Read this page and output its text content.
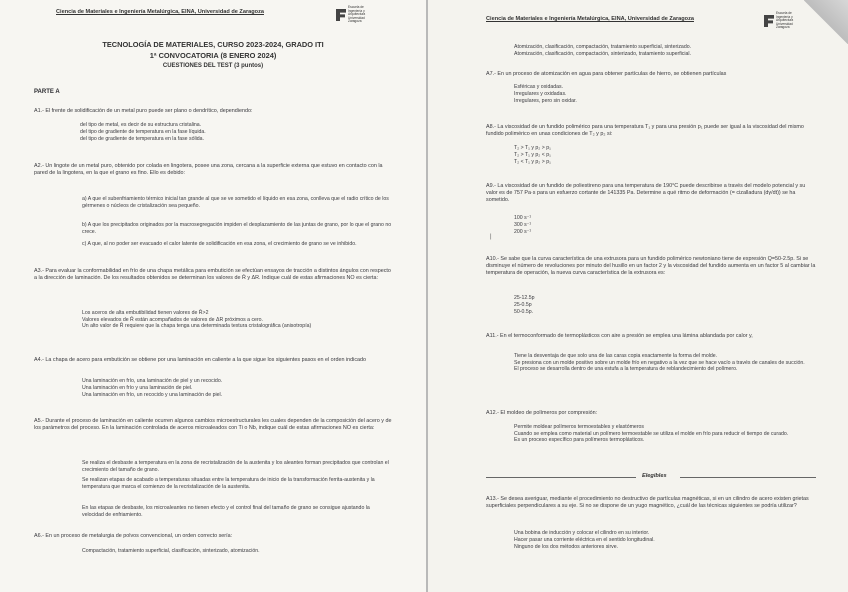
Ciencia de Materiales e Ingeniería Metalúrgica, EINA, Universidad de Zaragoza
Escuela de Ingeniería y Arquitectura Universidad Zaragoza
TECNOLOGÍA DE MATERIALES, CURSO 2023-2024, GRADO ITI
1ª CONVOCATORIA (8 ENERO 2024)
CUESTIONES DEL TEST (3 puntos)
PARTE A
A1.- El frente de solidificación de un metal puro puede ser plano o dendrítico, dependiendo:
del tipo de metal, es decir de su estructura cristalina.
del tipo de gradiente de temperatura en la fase líquida.
del tipo de gradiente de temperatura en la fase sólida.
A2.- Un lingote de un metal puro, obtenido por colada en lingotera, posee una zona, cercana a la superficie externa que estuvo en contacto con la pared de la lingotera, en la que el grano es fino. Ello es debido:
a) A que el subenfriamiento térmico inicial tan grande al que se ve sometido el líquido en esa zona, conlleva que el radio crítico de los gérmenes o núcleos de cristalización sea pequeño.
b) A que los precipitados originados por la macrosegregación impiden el desplazamiento de las juntas de grano, por lo que el grano no crece.
c) A que, al no poder ser evacuado el calor latente de solidificación en esa zona, el crecimiento de grano se ve inhibido.
A3.- Para evaluar la conformabilidad en frío de una chapa metálica para embutición se efectúan ensayos de tracción a distintos ángulos con respecto a la dirección de laminación. De los resultados obtenidos se determinan los valores de R̄ y ΔR. Indique cuál de estas afirmaciones NO es cierta:
Los aceros de alta embutibilidad tienen valores de R̄>2
Valores elevados de R̄ están acompañados de valores de ΔR próximos a cero.
Un alto valor de R̄ requiere que la chapa tenga una determinada textura cristalográfica (anisotropía)
A4.- La chapa de acero para embutición se obtiene por una laminación en caliente a la que sigue los siguientes pasos en el orden indicado
Una laminación en frío, una laminación de piel y un recocido.
Una laminación en frío y una laminación de piel.
Una laminación en frío, un recocido y una laminación de piel.
A5.- Durante el proceso de laminación en caliente ocurren algunos cambios microestructurales les cuales dependen de la composición del acero y de los parámetros del proceso. En la laminación controlada de aceros microaleados con Ti o Nb, indique cuál de estas afirmaciones NO es cierta:
Se realiza el desbaste a temperatura en la zona de recristalización de la austenita y los aleantes forman precipitados que controlan el crecimiento del tamaño de grano.
Se realizan etapas de acabado a temperaturas situadas entre la temperatura de inicio de la transformación ferrita-austenita y la temperatura que marca el comienzo de la recristalización de la austenita.
En las etapas de desbaste, los microaleantes no tienen efecto y el control final del tamaño de grano se consigue ajustando la velocidad de enfriamiento.
A6.- En un proceso de metalurgia de polvos convencional, un orden correcto sería:
Compactación, tratamiento superficial, clasificación, sinterizado, atomización.
Ciencia de Materiales e Ingeniería Metalúrgica, EINA, Universidad de Zaragoza
Escuela de Ingeniería y Arquitectura Universidad Zaragoza
Atomización, clasificación, compactación, tratamiento superficial, sinterizado.
Atomización, clasificación, compactación, sinterizado, tratamiento superficial.
A7.- En un proceso de atomización en agua para obtener partículas de hierro, se obtienen partículas
Esféricas y oxidadas.
Irregulares y oxidadas.
Irregulares, pero sin oxidar.
A8.- La viscosidad de un fundido polimérico para una temperatura T₁ y para una presión p₁ puede ser igual a la viscosidad del mismo fundido polimérico en unas condiciones de T₂ y p₂ si:
T₂ > T₁ y p₂ > p₁
T₂ > T₁ y p₂ < p₁
T₂ < T₁ y p₂ > p₁
A9.- La viscosidad de un fundido de poliestireno para una temperatura de 190°C puede describirse a través del modelo potencial y su valor es de 757 Pa·s para un esfuerzo cortante de 141335 Pa. Determine a qué ritmo de deformación (= cizalladura (dγ/dt)) se ha sometido.
100 s⁻¹
300 s⁻¹
200 s⁻¹
|
A10.- Se sabe que la curva característica de una extrusora para un fundido polimérico newtoniano tiene de expresión Q=50-2.5p. Si se disminuye el número de revoluciones por minuto del husillo en un factor 2 y la viscosidad del fundido aumenta en un factor 5 al cambiar la temperatura de operación, la nueva curva característica de la extrusora es:
25-12.5p
25-0.5p
50-0.5p.
A11.- En el termoconformado de termoplásticos con aire a presión se emplea una lámina ablandada por calor y,
Tiene la desventaja de que solo una de las caras copia exactamente la forma del molde.
Se presiona con un molde positivo sobre un molde frío en negativo a la vez que se hace vacío a través de canales de succión.
El proceso se desarrolla dentro de una estufa a la temperatura de reblandecimiento del polímero.
A12.- El moldeo de polímeros por compresión:
Permite moldear polímeros termoestables y elastómeros
Cuando se emplea como material un polímero termoestable se utiliza el molde en frío para reducir el tiempo de curado.
Es un proceso específico para polímeros termoplásticos.
Elegibles
A13.- Se desea averiguar, mediante el procedimiento no destructivo de partículas magnéticas, si en un cilindro de acero existen grietas superficiales perpendiculares a su eje. Si no se dispone de un yugo magnético, ¿cuál de las técnicas siguientes se podría utilizar?
Una bobina de inducción y colocar el cilindro en su interior.
Hacer pasar una corriente eléctrica en el sentido longitudinal.
Ninguno de los dos métodos anteriores sirve.
